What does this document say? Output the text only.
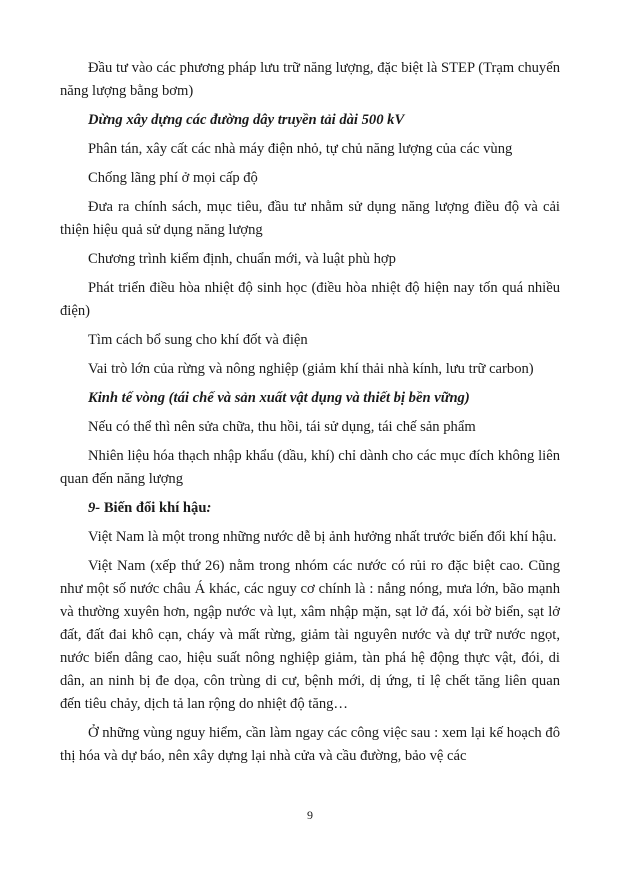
Đầu tư vào các phương pháp lưu trữ năng lượng, đặc biệt là STEP (Trạm chuyển năng lượng bằng bơm)

Dừng xây dựng các đường dây truyền tải dài 500 kV

Phân tán, xây cất các nhà máy điện nhỏ, tự chủ năng lượng của các vùng

Chống lãng phí ở mọi cấp độ

Đưa ra chính sách, mục tiêu, đầu tư nhằm sử dụng năng lượng điều độ và cải thiện hiệu quả sử dụng năng lượng

Chương trình kiểm định, chuẩn mới, và luật phù hợp

Phát triển điều hòa nhiệt độ sinh học (điều hòa nhiệt độ hiện nay tốn quá nhiều điện)

Tìm cách bổ sung cho khí đốt và điện

Vai trò lớn của rừng và nông nghiệp (giảm khí thải nhà kính, lưu trữ carbon)

Kinh tế vòng (tái chế và sản xuất vật dụng và thiết bị bền vững)

Nếu có thể thì nên sửa chữa, thu hồi, tái sử dụng, tái chế sản phẩm

Nhiên liệu hóa thạch nhập khẩu (dầu, khí) chỉ dành cho các mục đích không liên quan đến năng lượng

9- Biến đổi khí hậu:

Việt Nam là một trong những nước dễ bị ảnh hưởng nhất trước biến đổi khí hậu.

Việt Nam (xếp thứ 26) nằm trong nhóm các nước có rủi ro đặc biệt cao. Cũng như một số nước châu Á khác, các nguy cơ chính là : nắng nóng, mưa lớn, bão mạnh và thường xuyên hơn, ngập nước và lụt, xâm nhập mặn, sạt lở đá, xói bờ biển, sạt lở đất, đất đai khô cạn, cháy và mất rừng, giảm tài nguyên nước và dự trữ nước ngọt, nước biển dâng cao, hiệu suất nông nghiệp giảm, tàn phá hệ động thực vật, đói, di dân, an ninh bị đe dọa, côn trùng di cư, bệnh mới, dị ứng, tỉ lệ chết tăng liên quan đến tiêu chảy, dịch tả lan rộng do nhiệt độ tăng…

Ở những vùng nguy hiểm, cần làm ngay các công việc sau : xem lại kế hoạch đô thị hóa và dự báo, nên xây dựng lại nhà cửa và cầu đường, bảo vệ các

9
